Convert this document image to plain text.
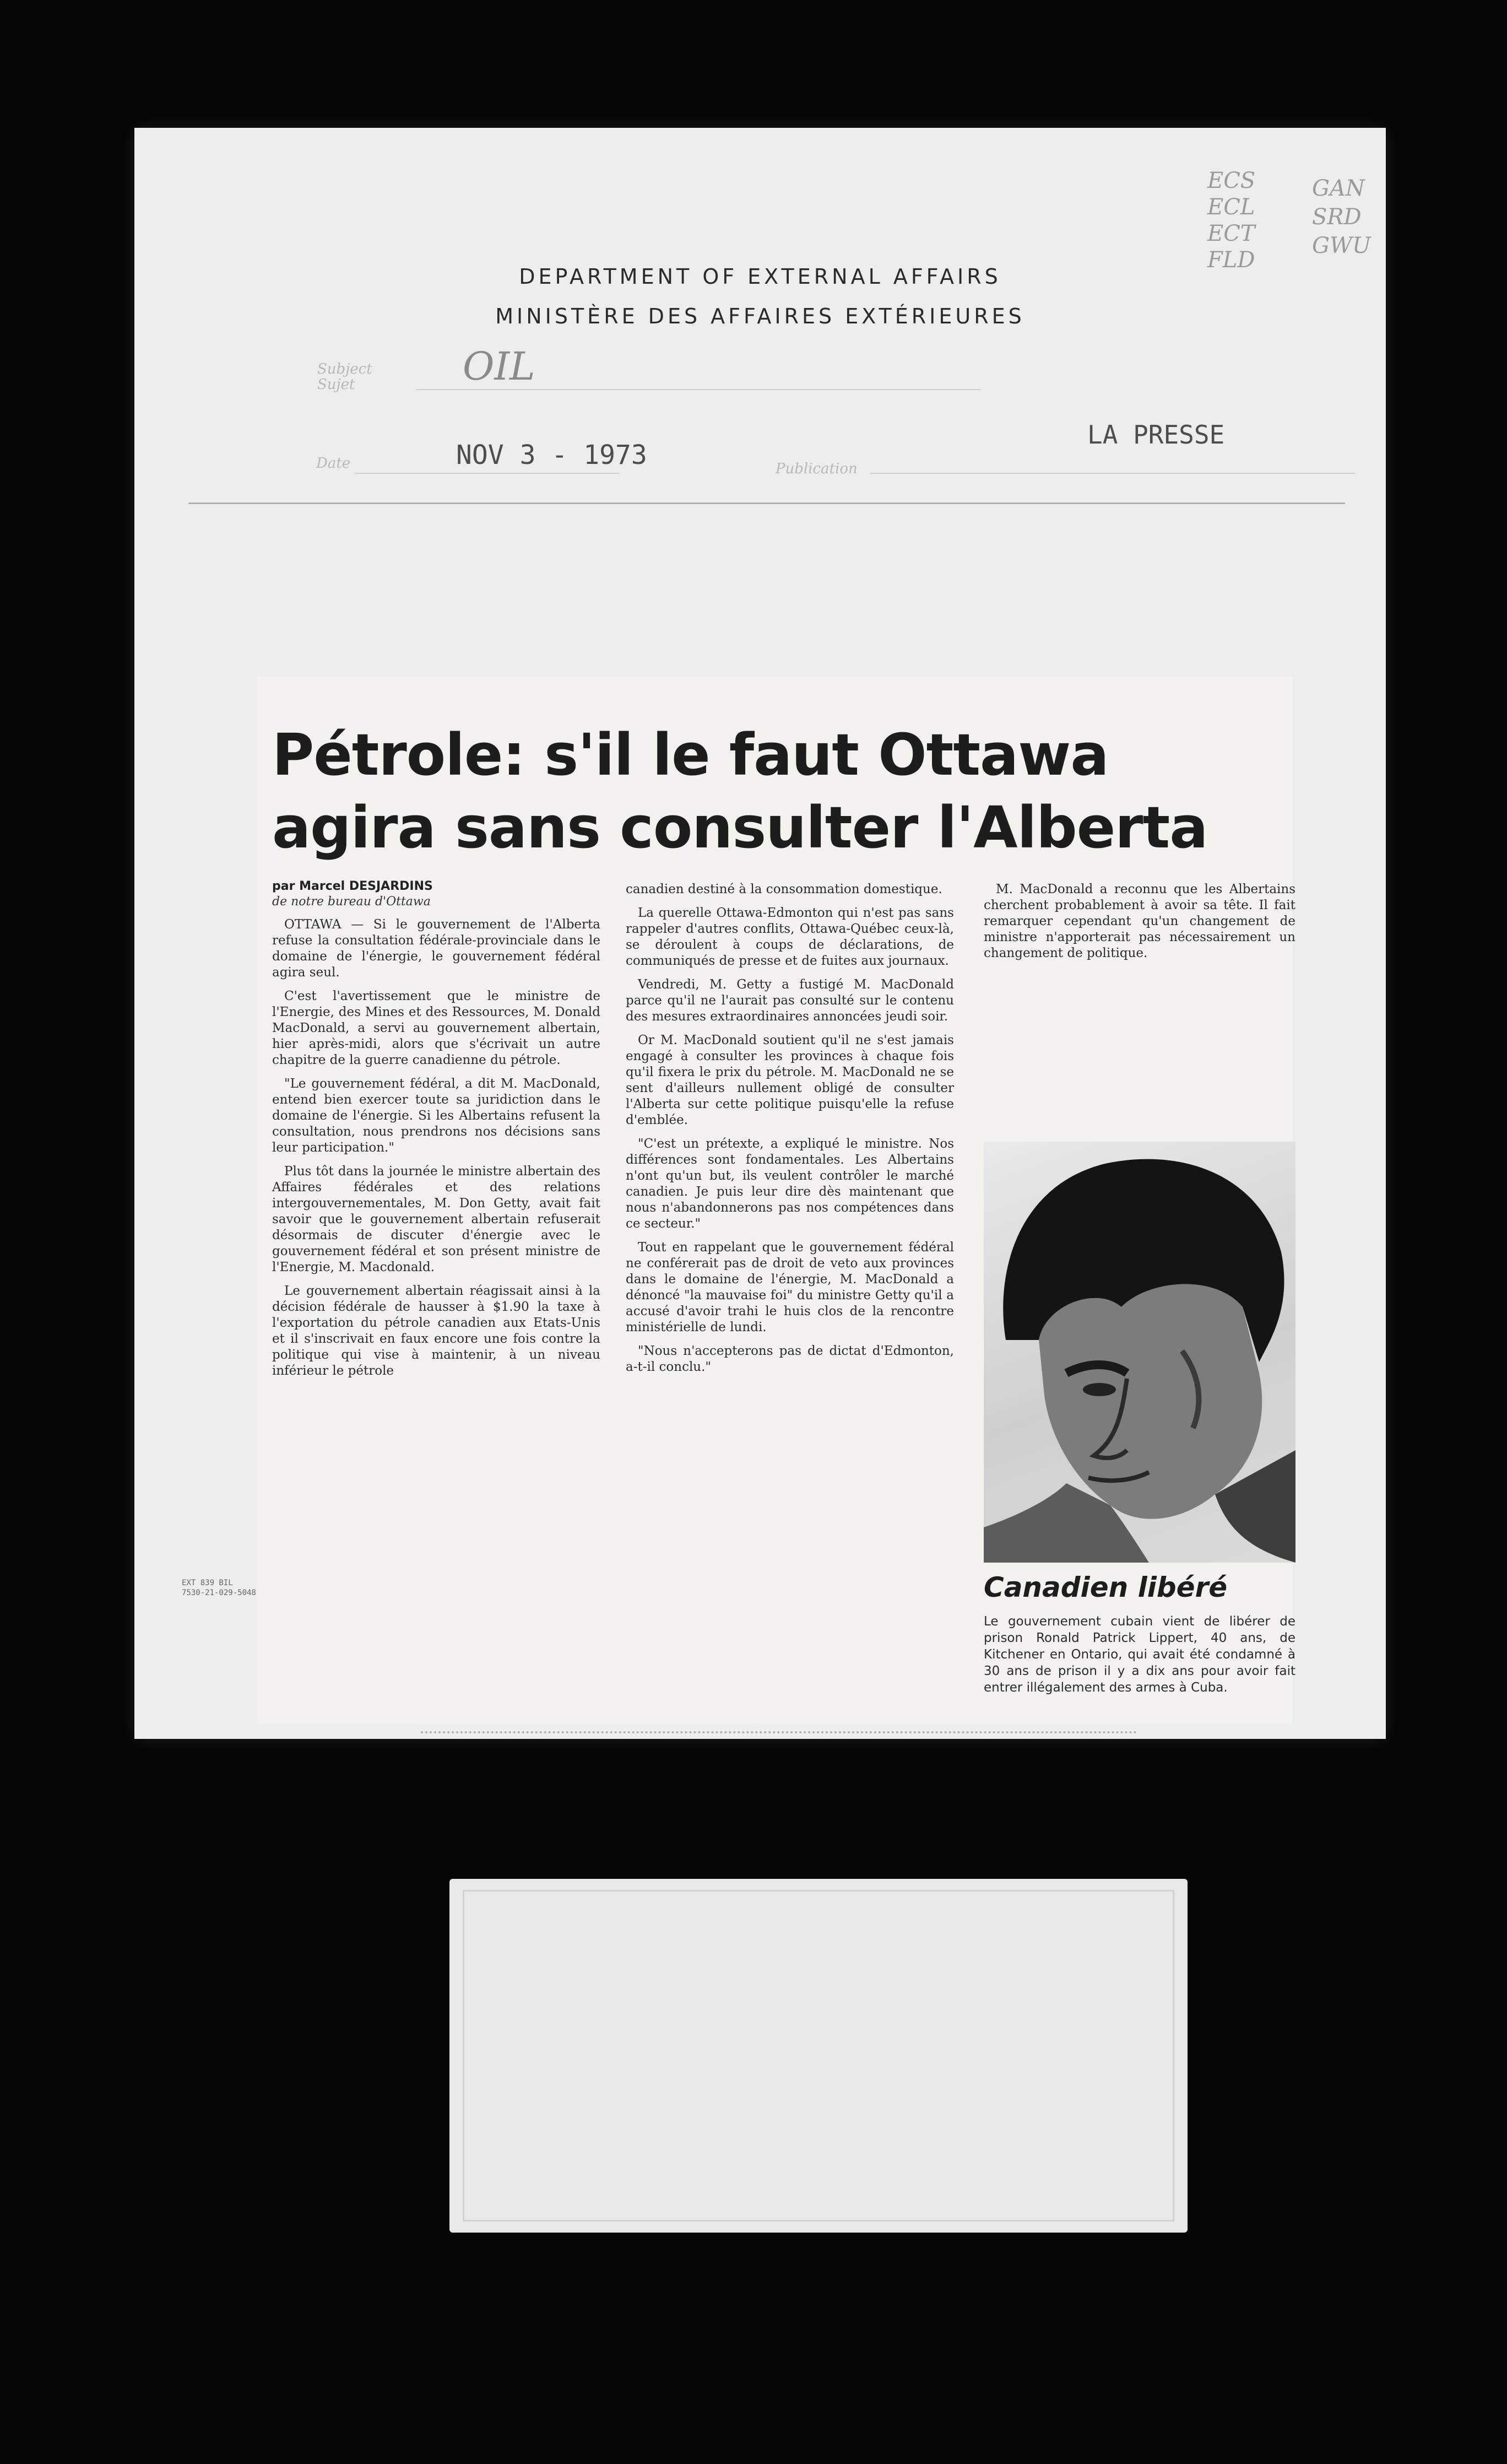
DEPARTMENT OF EXTERNAL AFFAIRS
MINISTÈRE DES AFFAIRES EXTÉRIEURES
ECS
ECL
ECT
FLD
GAN
SRD
GWU
Subject
Sujet	OIL
Date	NOV 3 - 1973	Publication
LA PRESSE
Pétrole: s'il le faut Ottawa
agira sans consulter l'Alberta
par Marcel DESJARDINS
de notre bureau d'Ottawa

OTTAWA — Si le gouvernement de l'Alberta refuse la consultation fédérale-provinciale dans le domaine de l'énergie, le gouvernement fédéral agira seul.

C'est l'avertissement que le ministre de l'Energie, des Mines et des Ressources, M. Donald MacDonald, a servi au gouvernement albertain, hier après-midi, alors que s'écrivait un autre chapitre de la guerre canadienne du pétrole.

"Le gouvernement fédéral, a dit M. MacDonald, entend bien exercer toute sa juridiction dans le domaine de l'énergie. Si les Albertains refusent la consultation, nous prendrons nos décisions sans leur participation."

Plus tôt dans la journée le ministre albertain des Affaires fédérales et des relations intergouvernementales, M. Don Getty, avait fait savoir que le gouvernement albertain refuserait désormais de discuter d'énergie avec le gouvernement fédéral et son présent ministre de l'Energie, M. Macdonald.

Le gouvernement albertain réagissait ainsi à la décision fédérale de hausser à $1.90 la taxe à l'exportation du pétrole canadien aux Etats-Unis et il s'inscrivait en faux encore une fois contre la politique qui vise à maintenir, à un niveau inférieur le pétrole

canadien destiné à la consommation domestique.

La querelle Ottawa-Edmonton qui n'est pas sans rappeler d'autres conflits, Ottawa-Québec ceux-là, se déroulent à coups de déclarations, de communiqués de presse et de fuites aux journaux.

Vendredi, M. Getty a fustigé M. MacDonald parce qu'il ne l'aurait pas consulté sur le contenu des mesures extraordinaires annoncées jeudi soir.

Or M. MacDonald soutient qu'il ne s'est jamais engagé à consulter les provinces à chaque fois qu'il fixera le prix du pétrole. M. MacDonald ne se sent d'ailleurs nullement obligé de consulter l'Alberta sur cette politique puisqu'elle la refuse d'emblée.

"C'est un prétexte, a expliqué le ministre. Nos différences sont fondamentales. Les Albertains n'ont qu'un but, ils veulent contrôler le marché canadien. Je puis leur dire dès maintenant que nous n'abandonnerons pas nos compétences dans ce secteur."

Tout en rappelant que le gouvernement fédéral ne conférerait pas de droit de veto aux provinces dans le domaine de l'énergie, M. MacDonald a dénoncé "la mauvaise foi" du ministre Getty qu'il a accusé d'avoir trahi le huis clos de la rencontre ministérielle de lundi.

"Nous n'accepterons pas de dictat d'Edmonton, a-t-il conclu."

M. MacDonald a reconnu que les Albertains cherchent probablement à avoir sa tête. Il fait remarquer cependant qu'un changement de ministre n'apporterait pas nécessairement un changement de politique.

Canadien libéré
Le gouvernement cubain vient de libérer de prison Ronald Patrick Lippert, 40 ans, de Kitchener en Ontario, qui avait été condamné à 30 ans de prison il y a dix ans pour avoir fait entrer illégalement des armes à Cuba.
EXT 839 BIL
7530-21-029-5048
